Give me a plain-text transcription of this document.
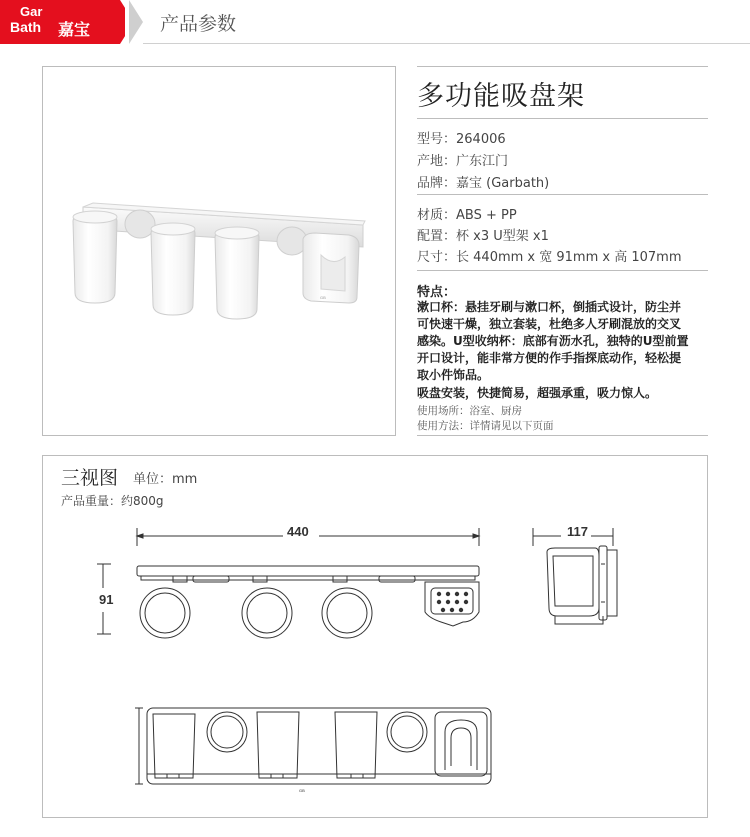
Gar
Bath 嘉宝	产品参数
GB
多功能吸盘架
型号：264006
产地：广东江门
品牌：嘉宝 (Garbath)
材质：ABS + PP
配置：杯 x3 U型架 x1
尺寸：长 440mm x 宽 91mm x 高 107mm
特点：
漱口杯：悬挂牙刷与漱口杯，倒插式设计，防尘并
可快速干燥，独立套装，杜绝多人牙刷混放的交叉
感染。U型收纳杯：底部有沥水孔，独特的U型前置
开口设计，能非常方便的作手指探底动作，轻松提
取小件饰品。
吸盘安装，快捷简易，超强承重，吸力惊人。
使用场所：浴室、厨房
使用方法：详情请见以下页面
三视图 单位：mm
产品重量：约800g
440
91
117
GB
